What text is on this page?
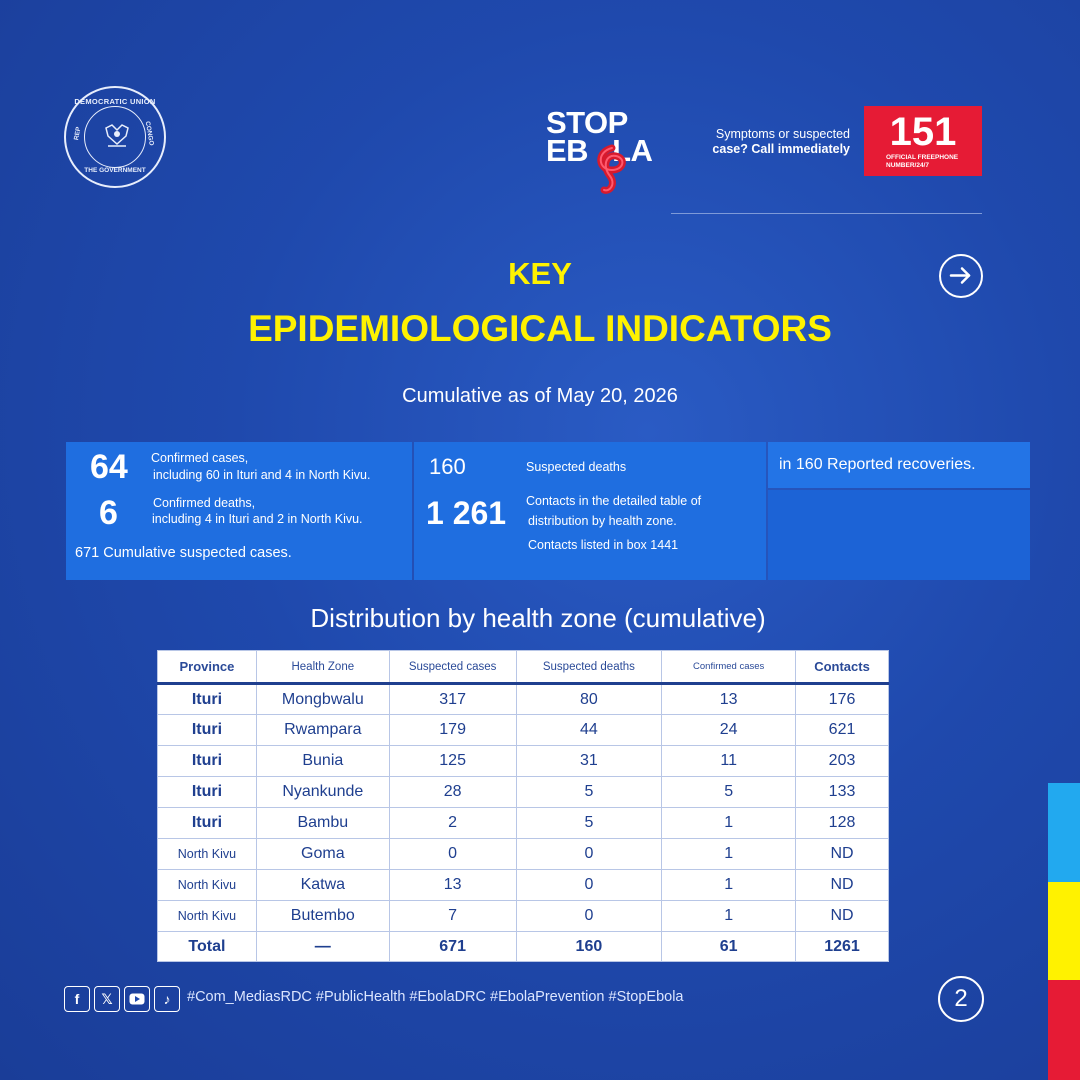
DEMOCRATIC UNION
REP	CONGO
THE GOVERNMENT
STOP
EB LA	Symptoms or suspected
case? Call immediately 151
OFFICIAL FREEPHONE NUMBER/24/7
KEY
EPIDEMIOLOGICAL INDICATORS
Cumulative as of May 20, 2026
64 Confirmed cases,
including 60 in Ituri and 4 in North Kivu.
6	Confirmed deaths,
including 4 in Ituri and 2 in North Kivu.
671 Cumulative suspected cases.
160	Suspected deaths
1 261 Contacts in the detailed table of
distribution by health zone.
Contacts listed in box 1441
in 160 Reported recoveries.
Distribution by health zone (cumulative)
Province	Health Zone	Suspected cases	Suspected deaths	Confirmed cases	Contacts
Ituri	Mongbwalu	317	80	13	176
Ituri	Rwampara	179	44	24	621
Ituri	Bunia	125	31	11	203
Ituri	Nyankunde	28	5	5	133
Ituri	Bambu	2	5	1	128
North Kivu	Goma	0	0	1	ND
North Kivu	Katwa	13	0	1	ND
North Kivu	Butembo	7	0	1	ND
Total	—	671	160	61	1261
f	𝕏	♪	#Com_MediasRDC #PublicHealth #EbolaDRC #EbolaPrevention #StopEbola	2
